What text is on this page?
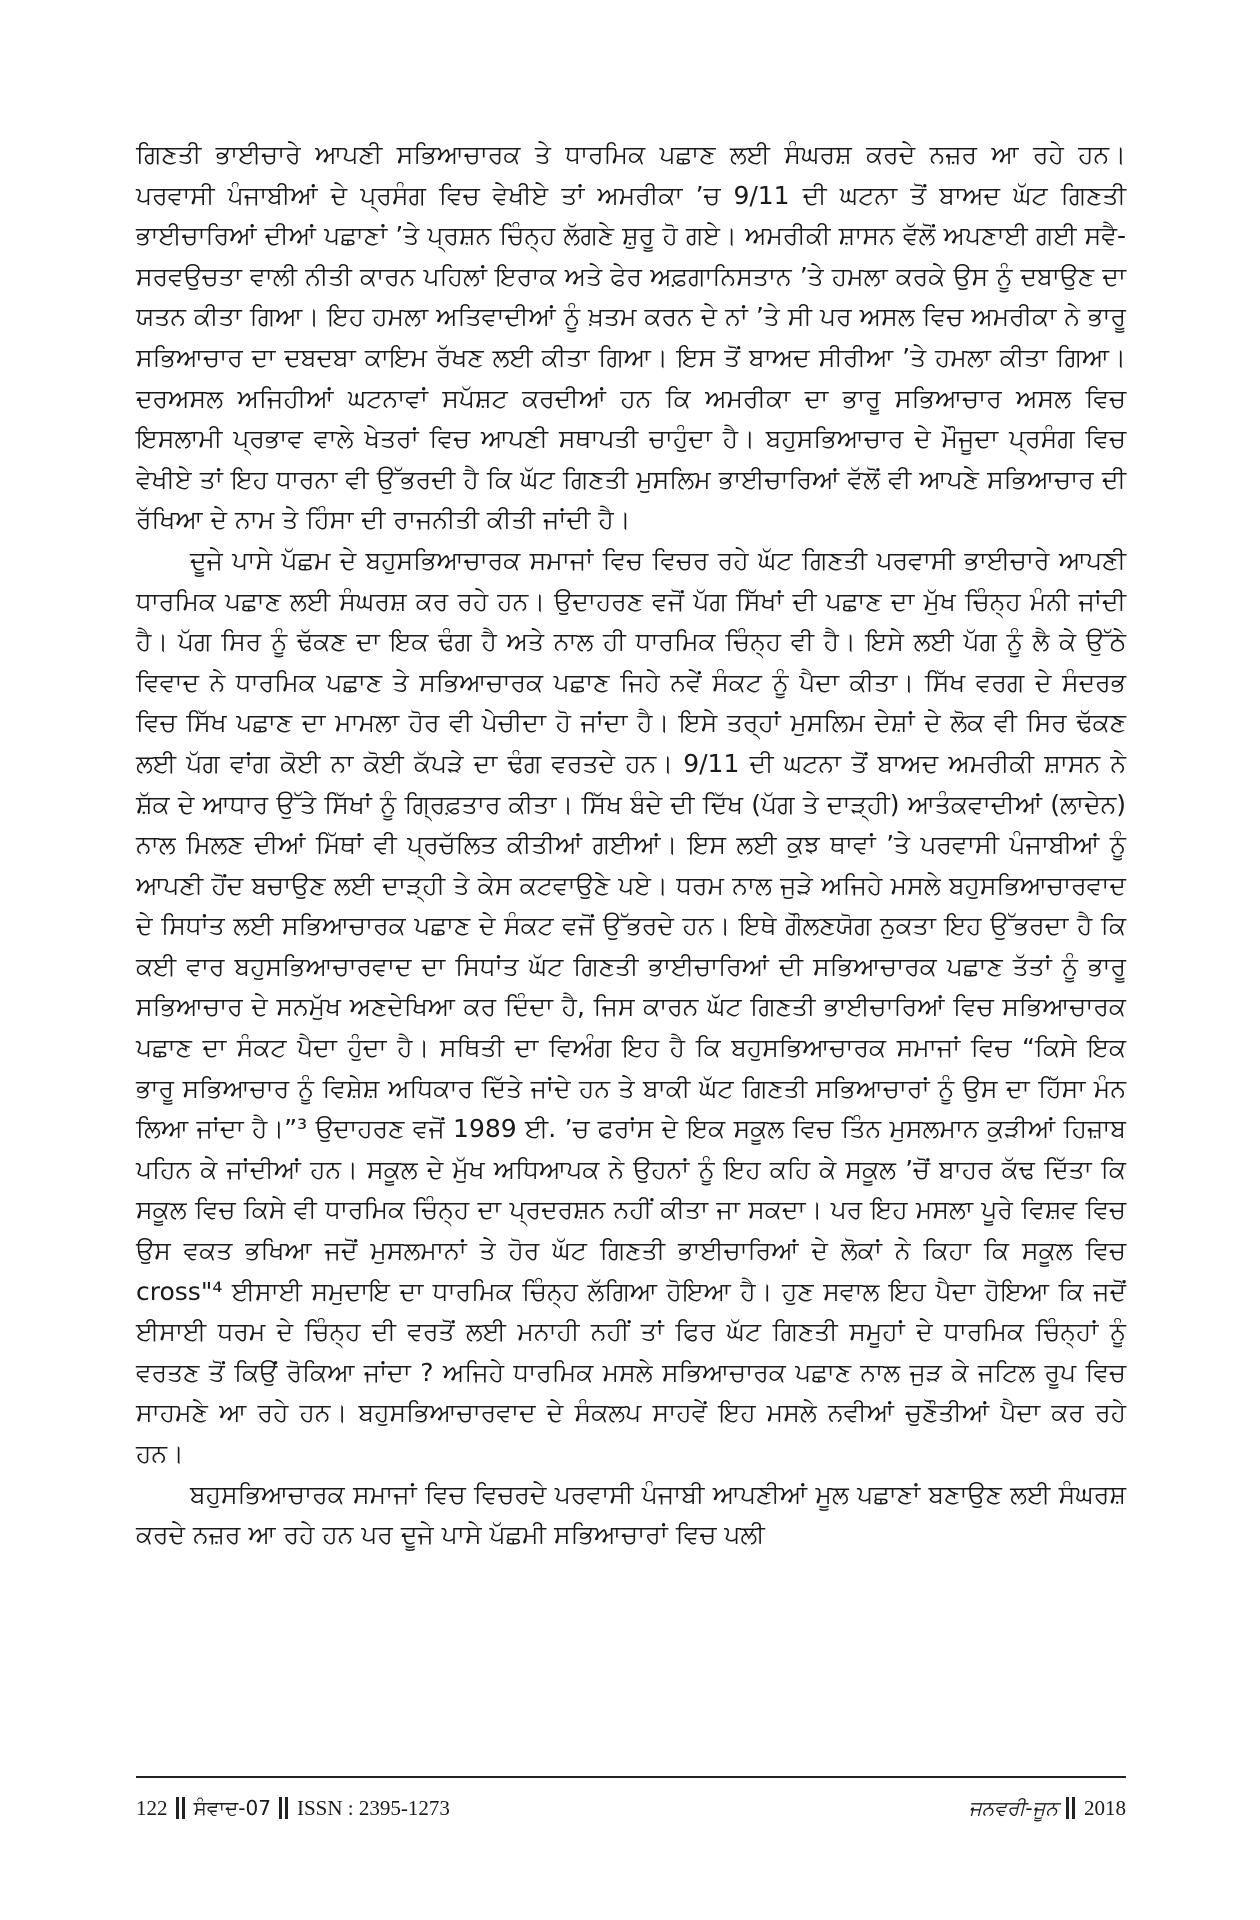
ਗਿਣਤੀ ਭਾਈਚਾਰੇ ਆਪਣੀ ਸਭਿਆਚਾਰਕ ਤੇ ਧਾਰਮਿਕ ਪਛਾਣ ਲਈ ਸੰਘਰਸ਼ ਕਰਦੇ ਨਜ਼ਰ ਆ ਰਹੇ ਹਨ। ਪਰਵਾਸੀ ਪੰਜਾਬੀਆਂ ਦੇ ਪ੍ਰਸੰਗ ਵਿਚ ਵੇਖੀਏ ਤਾਂ ਅਮਰੀਕਾ ’ਚ 9/11 ਦੀ ਘਟਨਾ ਤੋਂ ਬਾਅਦ ਘੱਟ ਗਿਣਤੀ ਭਾਈਚਾਰਿਆਂ ਦੀਆਂ ਪਛਾਣਾਂ ’ਤੇ ਪ੍ਰਸ਼ਨ ਚਿੰਨ੍ਹ ਲੱਗਣੇ ਸ਼ੁਰੂ ਹੋ ਗਏ। ਅਮਰੀਕੀ ਸ਼ਾਸਨ ਵੱਲੋਂ ਅਪਣਾਈ ਗਈ ਸਵੈ-ਸਰਵਉਚਤਾ ਵਾਲੀ ਨੀਤੀ ਕਾਰਨ ਪਹਿਲਾਂ ਇਰਾਕ ਅਤੇ ਫੇਰ ਅਫ਼ਗਾਨਿਸਤਾਨ ’ਤੇ ਹਮਲਾ ਕਰਕੇ ਉਸ ਨੂੰ ਦਬਾਉਣ ਦਾ ਯਤਨ ਕੀਤਾ ਗਿਆ। ਇਹ ਹਮਲਾ ਅਤਿਵਾਦੀਆਂ ਨੂੰ ਖ਼ਤਮ ਕਰਨ ਦੇ ਨਾਂ ’ਤੇ ਸੀ ਪਰ ਅਸਲ ਵਿਚ ਅਮਰੀਕਾ ਨੇ ਭਾਰੂ ਸਭਿਆਚਾਰ ਦਾ ਦਬਦਬਾ ਕਾਇਮ ਰੱਖਣ ਲਈ ਕੀਤਾ ਗਿਆ। ਇਸ ਤੋਂ ਬਾਅਦ ਸੀਰੀਆ ’ਤੇ ਹਮਲਾ ਕੀਤਾ ਗਿਆ। ਦਰਅਸਲ ਅਜਿਹੀਆਂ ਘਟਨਾਵਾਂ ਸਪੱਸ਼ਟ ਕਰਦੀਆਂ ਹਨ ਕਿ ਅਮਰੀਕਾ ਦਾ ਭਾਰੂ ਸਭਿਆਚਾਰ ਅਸਲ ਵਿਚ ਇਸਲਾਮੀ ਪ੍ਰਭਾਵ ਵਾਲੇ ਖੇਤਰਾਂ ਵਿਚ ਆਪਣੀ ਸਥਾਪਤੀ ਚਾਹੁੰਦਾ ਹੈ। ਬਹੁਸਭਿਆਚਾਰ ਦੇ ਮੌਜੂਦਾ ਪ੍ਰਸੰਗ ਵਿਚ ਵੇਖੀਏ ਤਾਂ ਇਹ ਧਾਰਨਾ ਵੀ ਉੱਭਰਦੀ ਹੈ ਕਿ ਘੱਟ ਗਿਣਤੀ ਮੁਸਲਿਮ ਭਾਈਚਾਰਿਆਂ ਵੱਲੋਂ ਵੀ ਆਪਣੇ ਸਭਿਆਚਾਰ ਦੀ ਰੱਖਿਆ ਦੇ ਨਾਮ ਤੇ ਹਿੰਸਾ ਦੀ ਰਾਜਨੀਤੀ ਕੀਤੀ ਜਾਂਦੀ ਹੈ।

ਦੂਜੇ ਪਾਸੇ ਪੱਛਮ ਦੇ ਬਹੁਸਭਿਆਚਾਰਕ ਸਮਾਜਾਂ ਵਿਚ ਵਿਚਰ ਰਹੇ ਘੱਟ ਗਿਣਤੀ ਪਰਵਾਸੀ ਭਾਈਚਾਰੇ ਆਪਣੀ ਧਾਰਮਿਕ ਪਛਾਣ ਲਈ ਸੰਘਰਸ਼ ਕਰ ਰਹੇ ਹਨ। ਉਦਾਹਰਣ ਵਜੋਂ ਪੱਗ ਸਿੱਖਾਂ ਦੀ ਪਛਾਣ ਦਾ ਮੁੱਖ ਚਿੰਨ੍ਹ ਮੰਨੀ ਜਾਂਦੀ ਹੈ। ਪੱਗ ਸਿਰ ਨੂੰ ਢੱਕਣ ਦਾ ਇਕ ਢੰਗ ਹੈ ਅਤੇ ਨਾਲ ਹੀ ਧਾਰਮਿਕ ਚਿੰਨ੍ਹ ਵੀ ਹੈ। ਇਸੇ ਲਈ ਪੱਗ ਨੂੰ ਲੈ ਕੇ ਉੱਠੇ ਵਿਵਾਦ ਨੇ ਧਾਰਮਿਕ ਪਛਾਣ ਤੇ ਸਭਿਆਚਾਰਕ ਪਛਾਣ ਜਿਹੇ ਨਵੇਂ ਸੰਕਟ ਨੂੰ ਪੈਦਾ ਕੀਤਾ। ਸਿੱਖ ਵਰਗ ਦੇ ਸੰਦਰਭ ਵਿਚ ਸਿੱਖ ਪਛਾਣ ਦਾ ਮਾਮਲਾ ਹੋਰ ਵੀ ਪੇਚੀਦਾ ਹੋ ਜਾਂਦਾ ਹੈ। ਇਸੇ ਤਰ੍ਹਾਂ ਮੁਸਲਿਮ ਦੇਸ਼ਾਂ ਦੇ ਲੋਕ ਵੀ ਸਿਰ ਢੱਕਣ ਲਈ ਪੱਗ ਵਾਂਗ ਕੋਈ ਨਾ ਕੋਈ ਕੱਪੜੇ ਦਾ ਢੰਗ ਵਰਤਦੇ ਹਨ। 9/11 ਦੀ ਘਟਨਾ ਤੋਂ ਬਾਅਦ ਅਮਰੀਕੀ ਸ਼ਾਸਨ ਨੇ ਸ਼ੱਕ ਦੇ ਆਧਾਰ ਉੱਤੇ ਸਿੱਖਾਂ ਨੂੰ ਗ੍ਰਿਫ਼ਤਾਰ ਕੀਤਾ। ਸਿੱਖ ਬੰਦੇ ਦੀ ਦਿੱਖ (ਪੱਗ ਤੇ ਦਾੜ੍ਹੀ) ਆਤੰਕਵਾਦੀਆਂ (ਲਾਦੇਨ) ਨਾਲ ਮਿਲਣ ਦੀਆਂ ਮਿੱਥਾਂ ਵੀ ਪ੍ਰਚੱਲਿਤ ਕੀਤੀਆਂ ਗਈਆਂ। ਇਸ ਲਈ ਕੁਝ ਥਾਵਾਂ ’ਤੇ ਪਰਵਾਸੀ ਪੰਜਾਬੀਆਂ ਨੂੰ ਆਪਣੀ ਹੋਂਦ ਬਚਾਉਣ ਲਈ ਦਾੜ੍ਹੀ ਤੇ ਕੇਸ ਕਟਵਾਉਣੇ ਪਏ। ਧਰਮ ਨਾਲ ਜੁੜੇ ਅਜਿਹੇ ਮਸਲੇ ਬਹੁਸਭਿਆਚਾਰਵਾਦ ਦੇ ਸਿਧਾਂਤ ਲਈ ਸਭਿਆਚਾਰਕ ਪਛਾਣ ਦੇ ਸੰਕਟ ਵਜੋਂ ਉੱਭਰਦੇ ਹਨ। ਇਥੇ ਗੌਲਣਯੋਗ ਨੁਕਤਾ ਇਹ ਉੱਭਰਦਾ ਹੈ ਕਿ ਕਈ ਵਾਰ ਬਹੁਸਭਿਆਚਾਰਵਾਦ ਦਾ ਸਿਧਾਂਤ ਘੱਟ ਗਿਣਤੀ ਭਾਈਚਾਰਿਆਂ ਦੀ ਸਭਿਆਚਾਰਕ ਪਛਾਣ ਤੱਤਾਂ ਨੂੰ ਭਾਰੂ ਸਭਿਆਚਾਰ ਦੇ ਸਨਮੁੱਖ ਅਣਦੇਖਿਆ ਕਰ ਦਿੰਦਾ ਹੈ, ਜਿਸ ਕਾਰਨ ਘੱਟ ਗਿਣਤੀ ਭਾਈਚਾਰਿਆਂ ਵਿਚ ਸਭਿਆਚਾਰਕ ਪਛਾਣ ਦਾ ਸੰਕਟ ਪੈਦਾ ਹੁੰਦਾ ਹੈ। ਸਥਿਤੀ ਦਾ ਵਿਅੰਗ ਇਹ ਹੈ ਕਿ ਬਹੁਸਭਿਆਚਾਰਕ ਸਮਾਜਾਂ ਵਿਚ “ਕਿਸੇ ਇਕ ਭਾਰੂ ਸਭਿਆਚਾਰ ਨੂੰ ਵਿਸ਼ੇਸ਼ ਅਧਿਕਾਰ ਦਿੱਤੇ ਜਾਂਦੇ ਹਨ ਤੇ ਬਾਕੀ ਘੱਟ ਗਿਣਤੀ ਸਭਿਆਚਾਰਾਂ ਨੂੰ ਉਸ ਦਾ ਹਿੱਸਾ ਮੰਨ ਲਿਆ ਜਾਂਦਾ ਹੈ।”³ ਉਦਾਹਰਣ ਵਜੋਂ 1989 ਈ. ’ਚ ਫਰਾਂਸ ਦੇ ਇਕ ਸਕੂਲ ਵਿਚ ਤਿੰਨ ਮੁਸਲਮਾਨ ਕੁੜੀਆਂ ਹਿਜ਼ਾਬ ਪਹਿਨ ਕੇ ਜਾਂਦੀਆਂ ਹਨ। ਸਕੂਲ ਦੇ ਮੁੱਖ ਅਧਿਆਪਕ ਨੇ ਉਹਨਾਂ ਨੂੰ ਇਹ ਕਹਿ ਕੇ ਸਕੂਲ ’ਚੋਂ ਬਾਹਰ ਕੱਢ ਦਿੱਤਾ ਕਿ ਸਕੂਲ ਵਿਚ ਕਿਸੇ ਵੀ ਧਾਰਮਿਕ ਚਿੰਨ੍ਹ ਦਾ ਪ੍ਰਦਰਸ਼ਨ ਨਹੀਂ ਕੀਤਾ ਜਾ ਸਕਦਾ। ਪਰ ਇਹ ਮਸਲਾ ਪੂਰੇ ਵਿਸ਼ਵ ਵਿਚ ਉਸ ਵਕਤ ਭਖਿਆ ਜਦੋਂ ਮੁਸਲਮਾਨਾਂ ਤੇ ਹੋਰ ਘੱਟ ਗਿਣਤੀ ਭਾਈਚਾਰਿਆਂ ਦੇ ਲੋਕਾਂ ਨੇ ਕਿਹਾ ਕਿ ਸਕੂਲ ਵਿਚ cross"⁴ ਈਸਾਈ ਸਮੁਦਾਇ ਦਾ ਧਾਰਮਿਕ ਚਿੰਨ੍ਹ ਲੱਗਿਆ ਹੋਇਆ ਹੈ। ਹੁਣ ਸਵਾਲ ਇਹ ਪੈਦਾ ਹੋਇਆ ਕਿ ਜਦੋਂ ਈਸਾਈ ਧਰਮ ਦੇ ਚਿੰਨ੍ਹ ਦੀ ਵਰਤੋਂ ਲਈ ਮਨਾਹੀ ਨਹੀਂ ਤਾਂ ਫਿਰ ਘੱਟ ਗਿਣਤੀ ਸਮੂਹਾਂ ਦੇ ਧਾਰਮਿਕ ਚਿੰਨ੍ਹਾਂ ਨੂੰ ਵਰਤਣ ਤੋਂ ਕਿਉਂ ਰੋਕਿਆ ਜਾਂਦਾ ? ਅਜਿਹੇ ਧਾਰਮਿਕ ਮਸਲੇ ਸਭਿਆਚਾਰਕ ਪਛਾਣ ਨਾਲ ਜੁੜ ਕੇ ਜਟਿਲ ਰੂਪ ਵਿਚ ਸਾਹਮਣੇ ਆ ਰਹੇ ਹਨ। ਬਹੁਸਭਿਆਚਾਰਵਾਦ ਦੇ ਸੰਕਲਪ ਸਾਹਵੇਂ ਇਹ ਮਸਲੇ ਨਵੀਆਂ ਚੁਣੌਤੀਆਂ ਪੈਦਾ ਕਰ ਰਹੇ ਹਨ।

ਬਹੁਸਭਿਆਚਾਰਕ ਸਮਾਜਾਂ ਵਿਚ ਵਿਚਰਦੇ ਪਰਵਾਸੀ ਪੰਜਾਬੀ ਆਪਣੀਆਂ ਮੂਲ ਪਛਾਣਾਂ ਬਣਾਉਣ ਲਈ ਸੰਘਰਸ਼ ਕਰਦੇ ਨਜ਼ਰ ਆ ਰਹੇ ਹਨ ਪਰ ਦੂਜੇ ਪਾਸੇ ਪੱਛਮੀ ਸਭਿਆਚਾਰਾਂ ਵਿਚ ਪਲੀ

122 ਸੰਵਾਦ-07 ISSN : 2395-1273	ਜਨਵਰੀ-ਜੂਨ 2018
